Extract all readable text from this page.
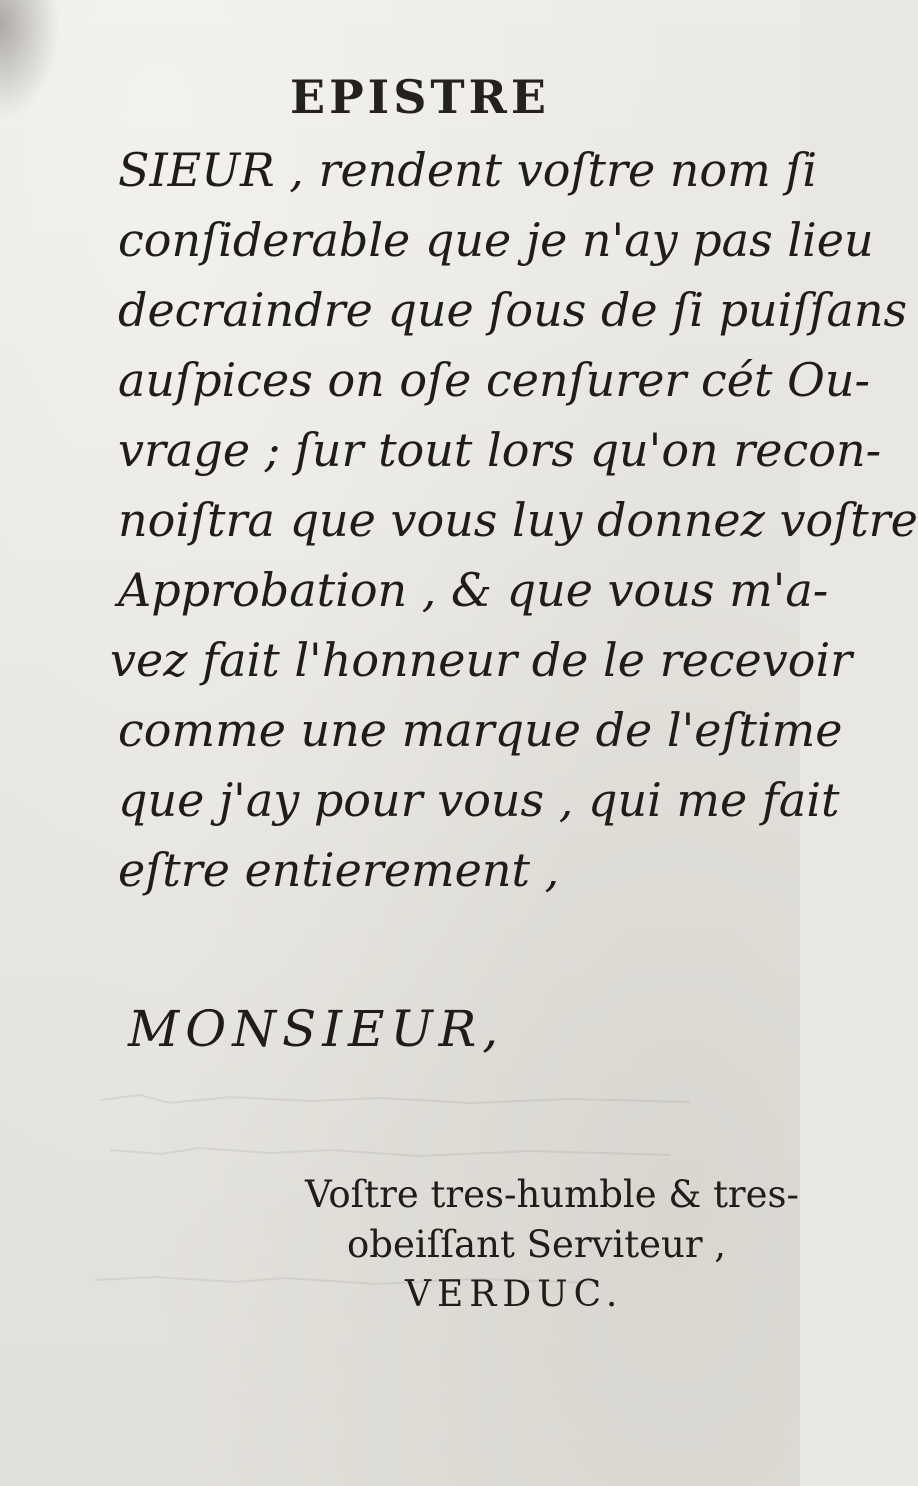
EPISTRE
SIEUR , rendent voſtre nom ſi
conſiderable que je n'ay pas lieu
decraindre que ſous de ſi puiſſans
auſpices on oſe cenſurer cét Ou-
vrage ; ſur tout lors qu'on recon-
noiſtra que vous luy donnez voſtre
Approbation , & que vous m'a-
vez fait l'honneur de le recevoir
comme une marque de l'eſtime
que j'ay pour vous , qui me fait
eſtre entierement ,
MONSIEUR,
Voſtre tres-humble & tres-
obeiſſant Serviteur ,
VERDUC.
